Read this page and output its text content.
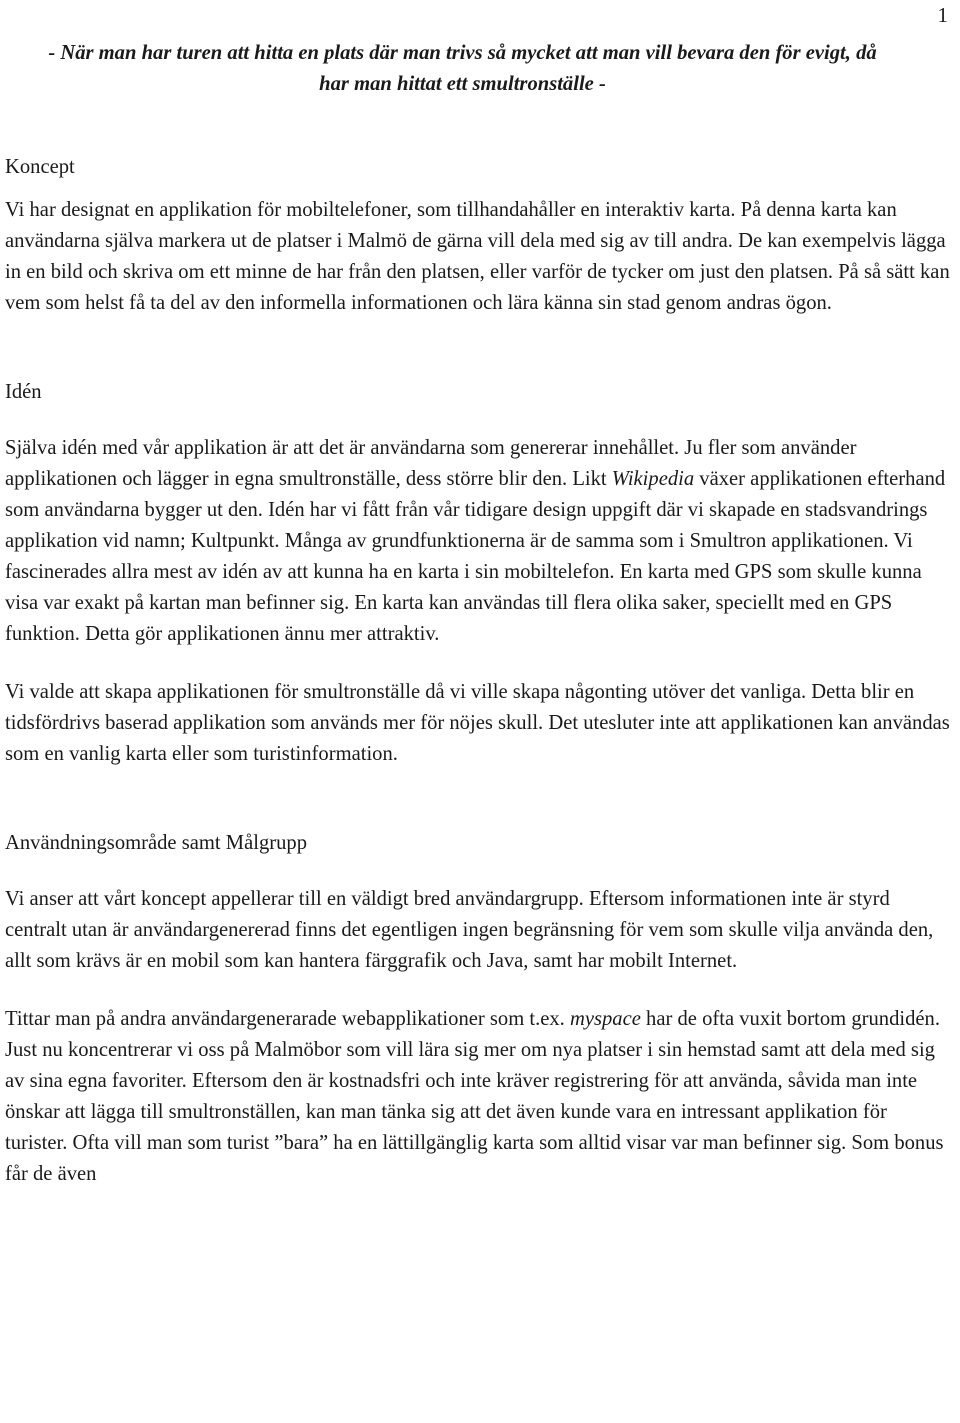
1
- När man har turen att hitta en plats där man trivs så mycket att man vill bevara den för evigt, då
har man hittat ett smultronställe -
Koncept

Vi har designat en applikation för mobiltelefoner, som tillhandahåller en interaktiv karta. På denna karta kan användarna själva markera ut de platser i Malmö de gärna vill dela med sig av till andra. De kan exempelvis lägga in en bild och skriva om ett minne de har från den platsen, eller varför de tycker om just den platsen. På så sätt kan vem som helst få ta del av den informella informationen och lära känna sin stad genom andras ögon.

Idén

Själva idén med vår applikation är att det är användarna som genererar innehållet. Ju fler som använder applikationen och lägger in egna smultronställe, dess större blir den. Likt Wikipedia växer applikationen efterhand som användarna bygger ut den. Idén har vi fått från vår tidigare design uppgift där vi skapade en stadsvandrings applikation vid namn; Kultpunkt. Många av grundfunktionerna är de samma som i Smultron applikationen. Vi fascinerades allra mest av idén av att kunna ha en karta i sin mobiltelefon. En karta med GPS som skulle kunna visa var exakt på kartan man befinner sig. En karta kan användas till flera olika saker, speciellt med en GPS funktion. Detta gör applikationen ännu mer attraktiv.

Vi valde att skapa applikationen för smultronställe då vi ville skapa någonting utöver det vanliga. Detta blir en tidsfördrivs baserad applikation som används mer för nöjes skull. Det utesluter inte att applikationen kan användas som en vanlig karta eller som turistinformation.

Användningsområde samt Målgrupp

Vi anser att vårt koncept appellerar till en väldigt bred användargrupp. Eftersom informationen inte är styrd centralt utan är användargenererad finns det egentligen ingen begränsning för vem som skulle vilja använda den, allt som krävs är en mobil som kan hantera färggrafik och Java, samt har mobilt Internet.

Tittar man på andra användargenerarade webapplikationer som t.ex. myspace har de ofta vuxit bortom grundidén. Just nu koncentrerar vi oss på Malmöbor som vill lära sig mer om nya platser i sin hemstad samt att dela med sig av sina egna favoriter. Eftersom den är kostnadsfri och inte kräver registrering för att använda, såvida man inte önskar att lägga till smultronställen, kan man tänka sig att det även kunde vara en intressant applikation för turister. Ofta vill man som turist ”bara” ha en lättillgänglig karta som alltid visar var man befinner sig. Som bonus får de även
